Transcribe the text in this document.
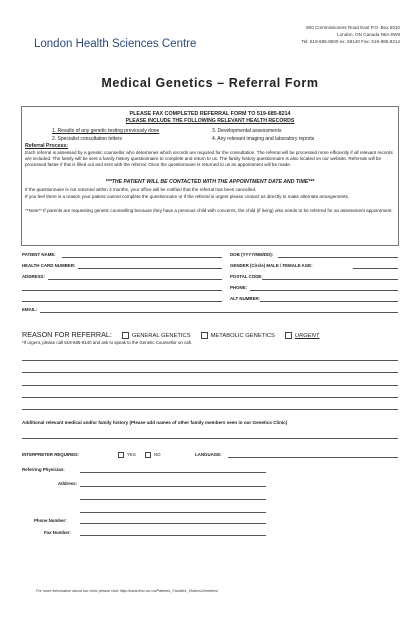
London Health Sciences Centre
800 Commissioners Road East P.O. Box 5010
London, ON Canada N6A 5W9
Tel: 519-685-8500 ex. 58140 Fax: 519-685-8214
Medical Genetics – Referral Form
PLEASE FAX COMPLETED REFERRAL FORM TO 519-685-8214
PLEASE INCLUDE THE FOLLOWING RELEVANT HEALTH RECORDS
1. Results of any genetic testing previously done
2. Specialist consultation letters
3. Developmental assessments
4. Any relevant imaging and laboratory reports
Referral Process:
Each referral is assessed by a genetic counsellor who determines which records are required for the consultation. The referral will be processed more efficiently if all relevant records are included. The family will be sent a family history questionnaire to complete and return to us. The family history questionnaire is also located on our website. Referrals will be processed faster if this is filled out and sent with the referral. Once the questionnaire is returned to us an appointment will be made.
***THE PATIENT WILL BE CONTACTED WITH THE APPOINTMENT DATE AND TIME***
If the questionnaire is not returned within 3 months, your office will be notified that the referral has been cancelled.
If you feel there is a reason your patient cannot complete the questionnaire or if the referral is urgent please contact us directly to make alternate arrangements.
**Note** If parents are requesting genetic counselling because they have a previous child with concerns, the child (if living) also needs to be referred for an assessment appointment.
PATIENT NAME:	DOB (YYYY/MM/DD):
HEALTH CARD NUMBER:	GENDER (Circle) MALE / FEMALE AGE:
ADDRESS:	POSTAL CODE:
PHONE:
ALT NUMBER:
EMAIL:
REASON FOR REFERRAL:	GENERAL GENETICS	METABOLIC GENETICS	URGENT
*If urgent, please call 519-685-8140 and ask to speak to the Genetic Counsellor on call.
Additional relevant medical and/or family history (Please add names of other family members seen in our Genetics Clinic)
INTERPRETER REQUIRED:	YES	NO	LANGUAGE:
Referring Physician:
Address:
Phone Number:
Fax Number:
For more information about our clinic please visit: http://www.lhsc.on.ca/Patients_Families_Visitors/Genetics/
